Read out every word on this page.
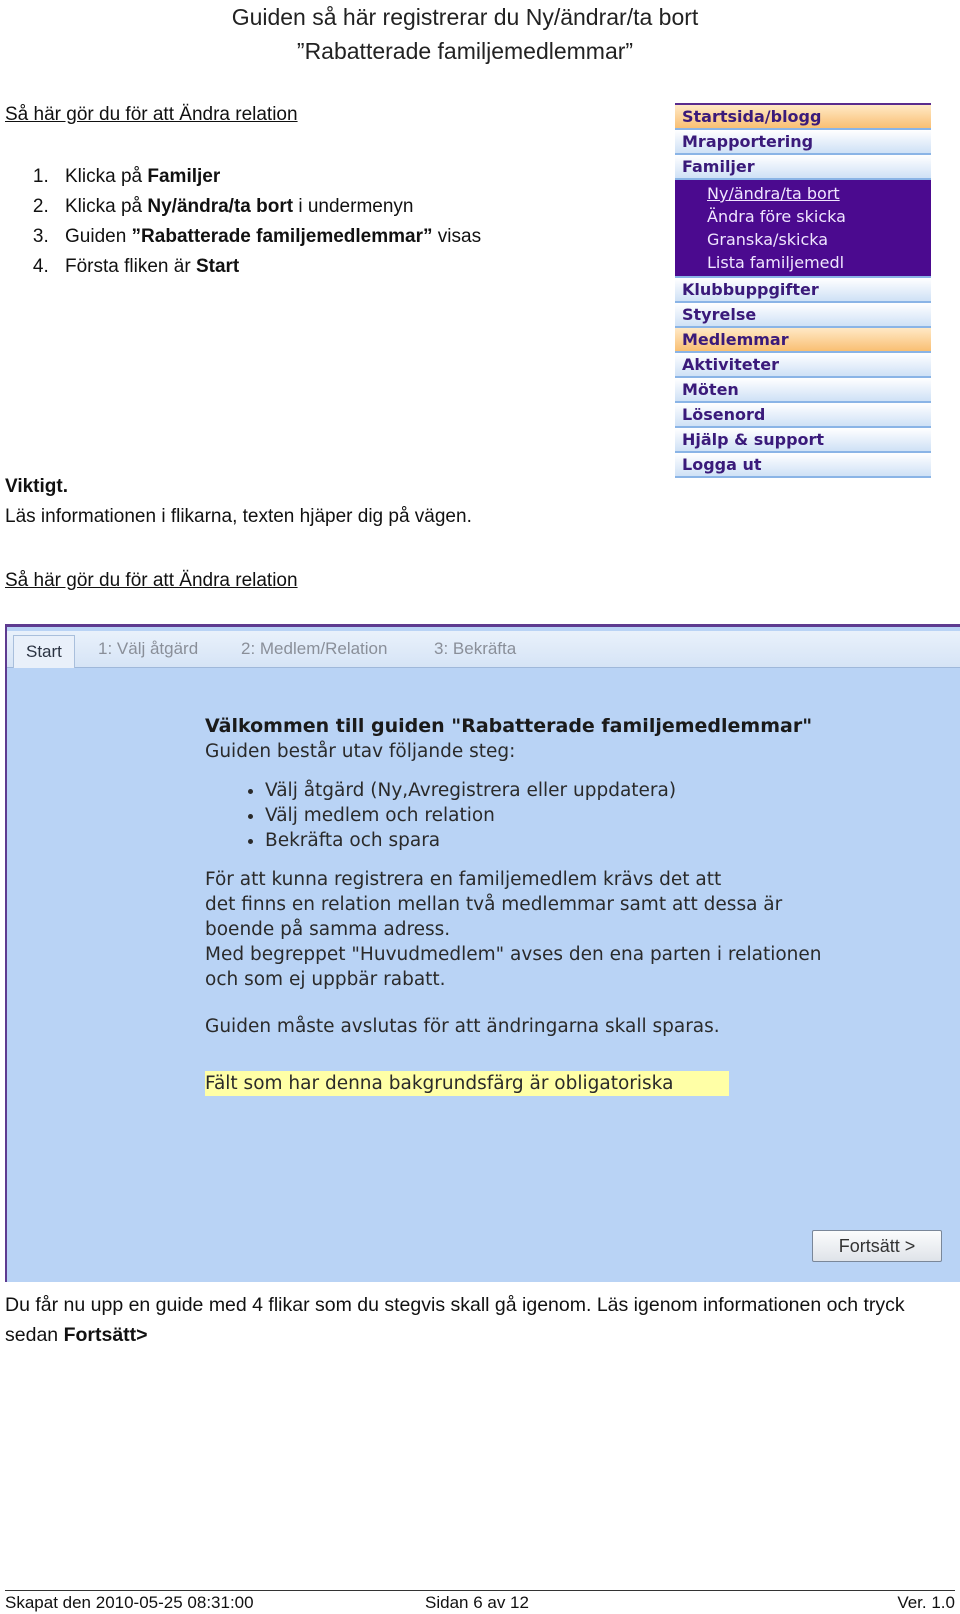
Guiden så här registrerar du Ny/ändrar/ta bort
”Rabatterade familjemedlemmar”
Så här gör du för att Ändra relation
1. Klicka på Familjer
2. Klicka på Ny/ändra/ta bort i undermenyn
3. Guiden ”Rabatterade familjemedlemmar” visas
4. Första fliken är Start
Viktigt.
Läs informationen i flikarna, texten hjäper dig på vägen.
Startsida/blogg
Mrapportering
Familjer
Ny/ändra/ta bort
Ändra före skicka
Granska/skicka
Lista familjemedl
Klubbuppgifter
Styrelse
Medlemmar
Aktiviteter
Möten
Lösenord
Hjälp & support
Logga ut
Så här gör du för att Ändra relation
Start	1: Välj åtgärd	2: Medlem/Relation	3: Bekräfta
Välkommen till guiden "Rabatterade familjemedlemmar"

Guiden består utav följande steg:

• Välj åtgärd (Ny,Avregistrera eller uppdatera)
• Välj medlem och relation
• Bekräfta och spara

För att kunna registrera en familjemedlem krävs det att

det finns en relation mellan två medlemmar samt att dessa är

boende på samma adress.

Med begreppet "Huvudmedlem" avses den ena parten i relationen

och som ej uppbär rabatt.

Guiden måste avslutas för att ändringarna skall sparas.

Fält som har denna bakgrundsfärg är obligatoriska

Fortsätt >
Du får nu upp en guide med 4 flikar som du stegvis skall gå igenom. Läs igenom informationen och tryck sedan Fortsätt>
Skapat den 2010-05-25 08:31:00	Sidan 6 av 12	Ver. 1.0
